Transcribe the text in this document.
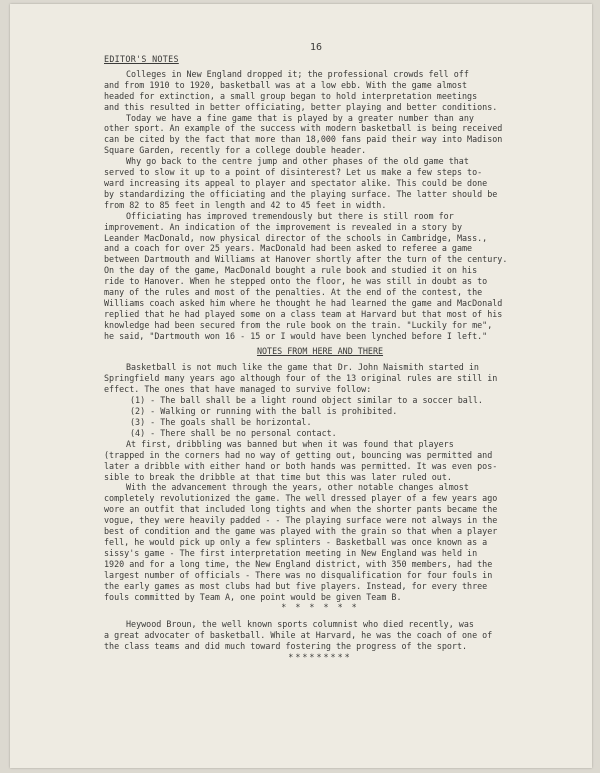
16
EDITOR'S NOTES
Colleges in New England dropped it; the professional crowds fell off
and from 1910 to 1920, basketball was at a low ebb. With the game almost
headed for extinction, a small group began to hold interpretation meetings
and this resulted in better officiating, better playing and better conditions.
Today we have a fine game that is played by a greater number than any
other sport. An example of the success with modern basketball is being received
can be cited by the fact that more than 18,000 fans paid their way into Madison
Square Garden, recently for a college double header.
Why go back to the centre jump and other phases of the old game that
served to slow it up to a point of disinterest? Let us make a few steps to-
ward increasing its appeal to player and spectator alike. This could be done
by standardizing the officiating and the playing surface. The latter should be
from 82 to 85 feet in length and 42 to 45 feet in width.
Officiating has improved tremendously but there is still room for
improvement. An indication of the improvement is revealed in a story by
Leander MacDonald, now physical director of the schools in Cambridge, Mass.,
and a coach for over 25 years. MacDonald had been asked to referee a game
between Dartmouth and Williams at Hanover shortly after the turn of the century.
On the day of the game, MacDonald bought a rule book and studied it on his
ride to Hanover. When he stepped onto the floor, he was still in doubt as to
many of the rules and most of the penalties. At the end of the contest, the
Williams coach asked him where he thought he had learned the game and MacDonald
replied that he had played some on a class team at Harvard but that most of his
knowledge had been secured from the rule book on the train. "Luckily for me",
he said, "Dartmouth won 16 - 15 or I would have been lynched before I left."
NOTES FROM HERE AND THERE
Basketball is not much like the game that Dr. John Naismith started in
Springfield many years ago although four of the 13 original rules are still in
effect. The ones that have managed to survive follow:
(1) - The ball shall be a light round object similar to a soccer ball.
(2) - Walking or running with the ball is prohibited.
(3) - The goals shall be horizontal.
(4) - There shall be no personal contact.
At first, dribbling was banned but when it was found that players
(trapped in the corners had no way of getting out, bouncing was permitted and
later a dribble with either hand or both hands was permitted. It was even pos-
sible to break the dribble at that time but this was later ruled out.
With the advancement through the years, other notable changes almost
completely revolutionized the game. The well dressed player of a few years ago
wore an outfit that included long tights and when the shorter pants became the
vogue, they were heavily padded - - The playing surface were not always in the
best of condition and the game was played with the grain so that when a player
fell, he would pick up only a few splinters - Basketball was once known as a
sissy's game - The first interpretation meeting in New England was held in
1920 and for a long time, the New England district, with 350 members, had the
largest number of officials - There was no disqualification for four fouls in
the early games as most clubs had but five players. Instead, for every three
fouls committed by Team A, one point would be given Team B.
* * * * * *
Heywood Broun, the well known sports columnist who died recently, was
a great advocater of basketball. While at Harvard, he was the coach of one of
the class teams and did much toward fostering the progress of the sport.
*********
